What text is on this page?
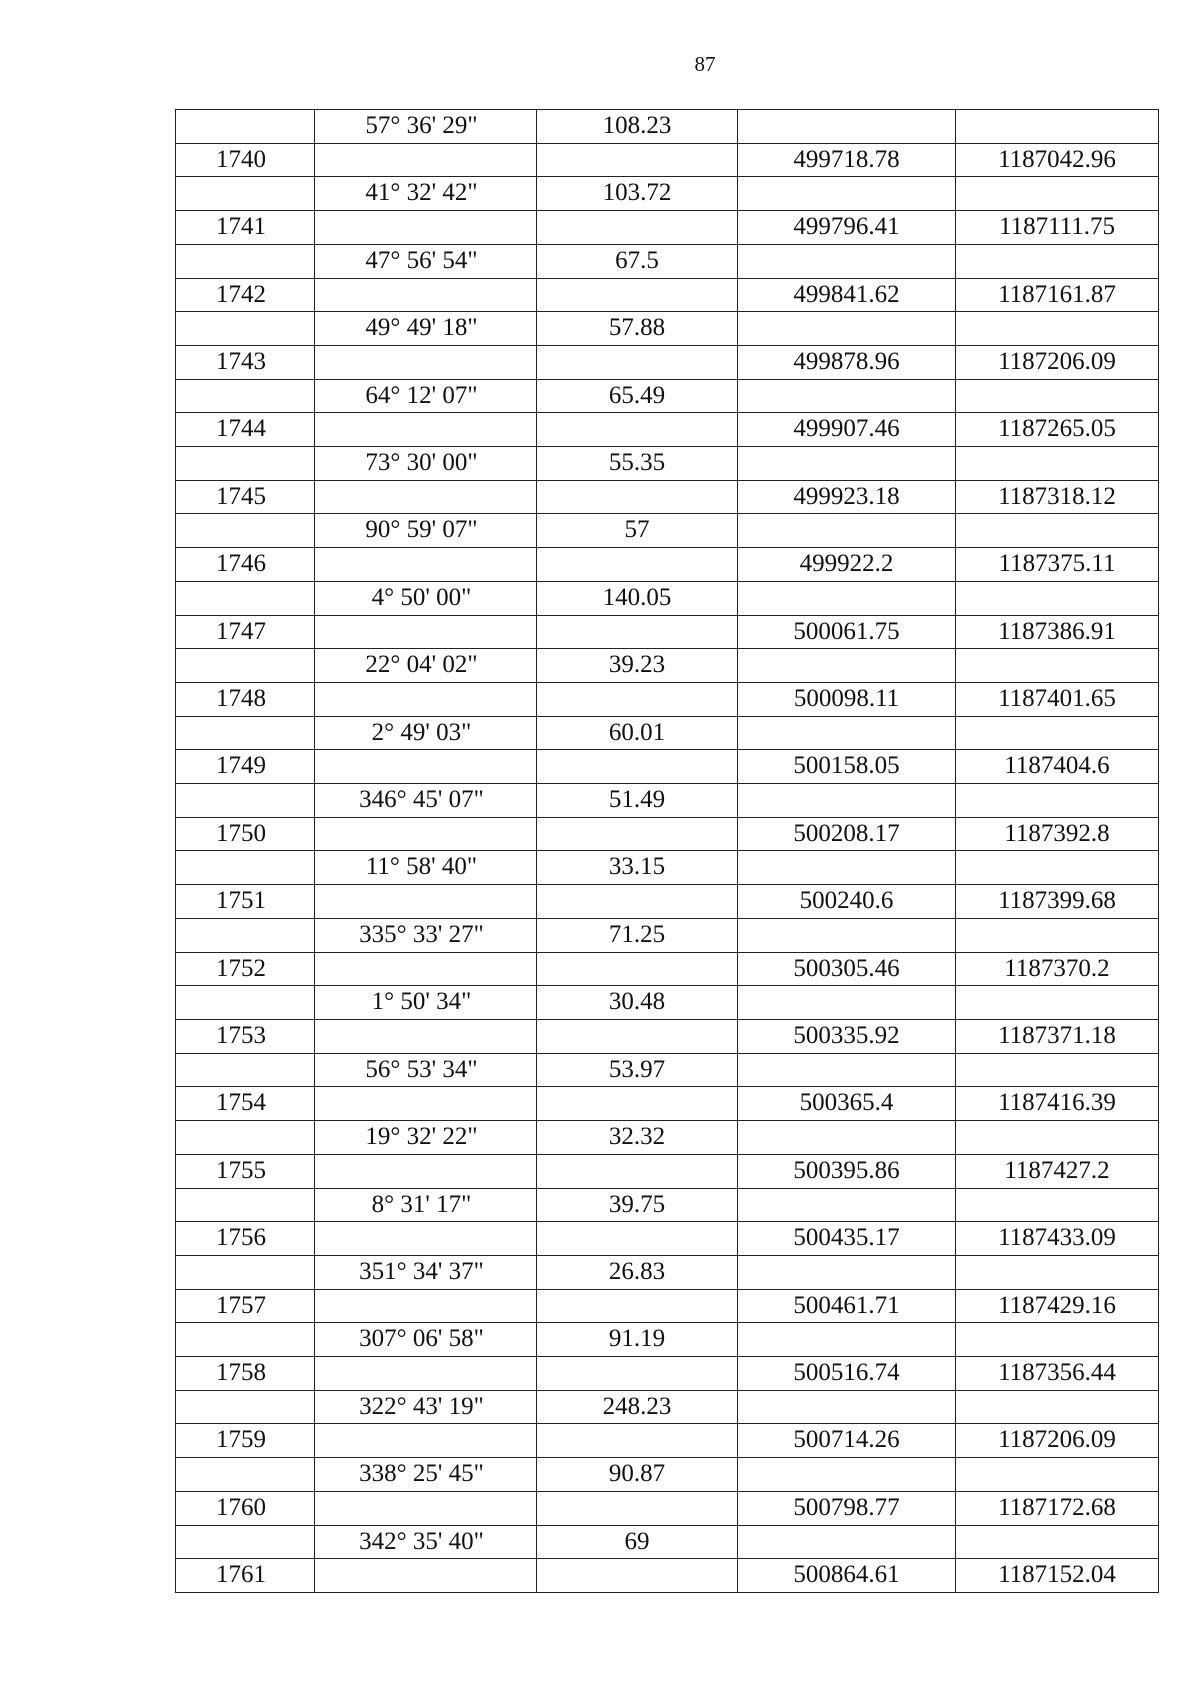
87
	57° 36' 29"	108.23		
1740			499718.78	1187042.96
	41° 32' 42"	103.72		
1741			499796.41	1187111.75
	47° 56' 54"	67.5		
1742			499841.62	1187161.87
	49° 49' 18"	57.88		
1743			499878.96	1187206.09
	64° 12' 07"	65.49		
1744			499907.46	1187265.05
	73° 30' 00"	55.35		
1745			499923.18	1187318.12
	90° 59' 07"	57		
1746			499922.2	1187375.11
	4° 50' 00"	140.05		
1747			500061.75	1187386.91
	22° 04' 02"	39.23		
1748			500098.11	1187401.65
	2° 49' 03"	60.01		
1749			500158.05	1187404.6
	346° 45' 07"	51.49		
1750			500208.17	1187392.8
	11° 58' 40"	33.15		
1751			500240.6	1187399.68
	335° 33' 27"	71.25		
1752			500305.46	1187370.2
	1° 50' 34"	30.48		
1753			500335.92	1187371.18
	56° 53' 34"	53.97		
1754			500365.4	1187416.39
	19° 32' 22"	32.32		
1755			500395.86	1187427.2
	8° 31' 17"	39.75		
1756			500435.17	1187433.09
	351° 34' 37"	26.83		
1757			500461.71	1187429.16
	307° 06' 58"	91.19		
1758			500516.74	1187356.44
	322° 43' 19"	248.23		
1759			500714.26	1187206.09
	338° 25' 45"	90.87		
1760			500798.77	1187172.68
	342° 35' 40"	69		
1761			500864.61	1187152.04
